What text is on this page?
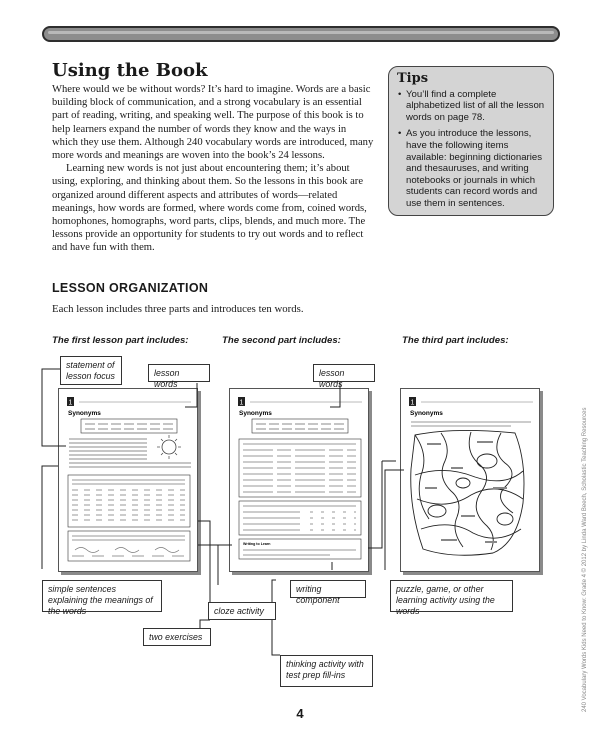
Using the Book

Where would we be without words? It’s hard to imagine. Words are a basic building block of communication, and a strong vocabulary is an essential part of reading, writing, and speaking well. The purpose of this book is to help learners expand the number of words they know and the ways in which they use them. Although 240 vocabulary words are introduced, many more words and meanings are woven into the book’s 24 lessons.

Learning new words is not just about encountering them; it’s about using, exploring, and thinking about them. So the lessons in this book are organized around different aspects and attributes of words—related meanings, how words are formed, where words come from, coined words, homophones, homographs, word parts, clips, blends, and much more. The lessons provide an opportunity for students to try out words and to reflect and have fun with them.

Tips
• You’ll find a complete alphabetized list of all the lesson words on page 78.
• As you introduce the lessons, have the following items available: beginning dictionaries and thesauruses, and writing notebooks or journals in which students can record words and use them in sentences.
LESSON ORGANIZATION

Each lesson includes three parts and introduces ten words.

The first lesson part includes:	The second part includes:	The third part includes:

1
Synonyms
1
Synonyms
Writing to Learn
1
Synonyms
statement of lesson focus	lesson words
lesson words
simple sentences explaining the meanings of the words	cloze activity
writing component
puzzle, game, or other learning activity using the words
two exercises
thinking activity with test prep fill-ins

4

240 Vocabulary Words Kids Need to Know: Grade 4 © 2012 by Linda Ward Beech, Scholastic Teaching Resources
